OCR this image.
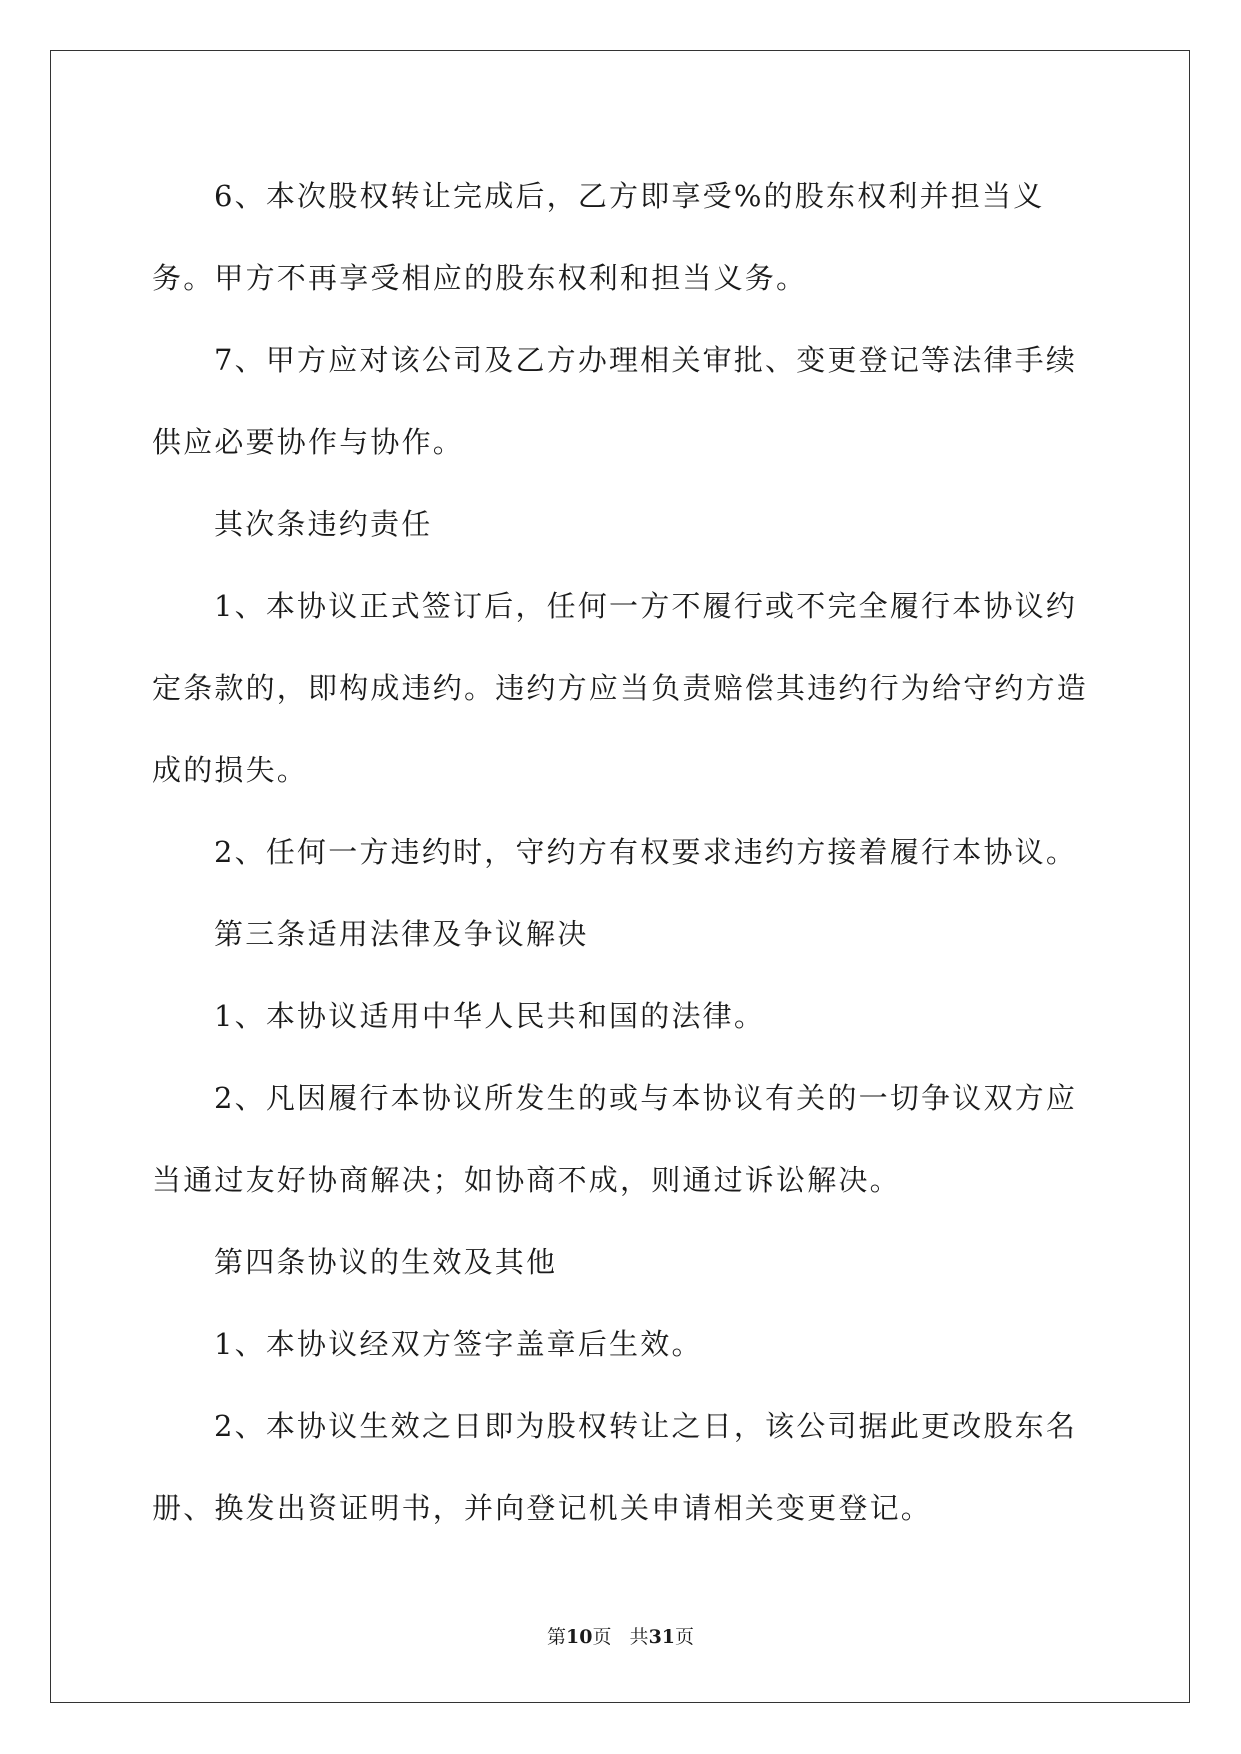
6、本次股权转让完成后，乙方即享受%的股东权利并担当义务。甲方不再享受相应的股东权利和担当义务。

7、甲方应对该公司及乙方办理相关审批、变更登记等法律手续供应必要协作与协作。

其次条违约责任

1、本协议正式签订后，任何一方不履行或不完全履行本协议约定条款的，即构成违约。违约方应当负责赔偿其违约行为给守约方造成的损失。

2、任何一方违约时，守约方有权要求违约方接着履行本协议。

第三条适用法律及争议解决

1、本协议适用中华人民共和国的法律。

2、凡因履行本协议所发生的或与本协议有关的一切争议双方应当通过友好协商解决；如协商不成，则通过诉讼解决。

第四条协议的生效及其他

1、本协议经双方签字盖章后生效。

2、本协议生效之日即为股权转让之日，该公司据此更改股东名册、换发出资证明书，并向登记机关申请相关变更登记。

第10页   共31页
